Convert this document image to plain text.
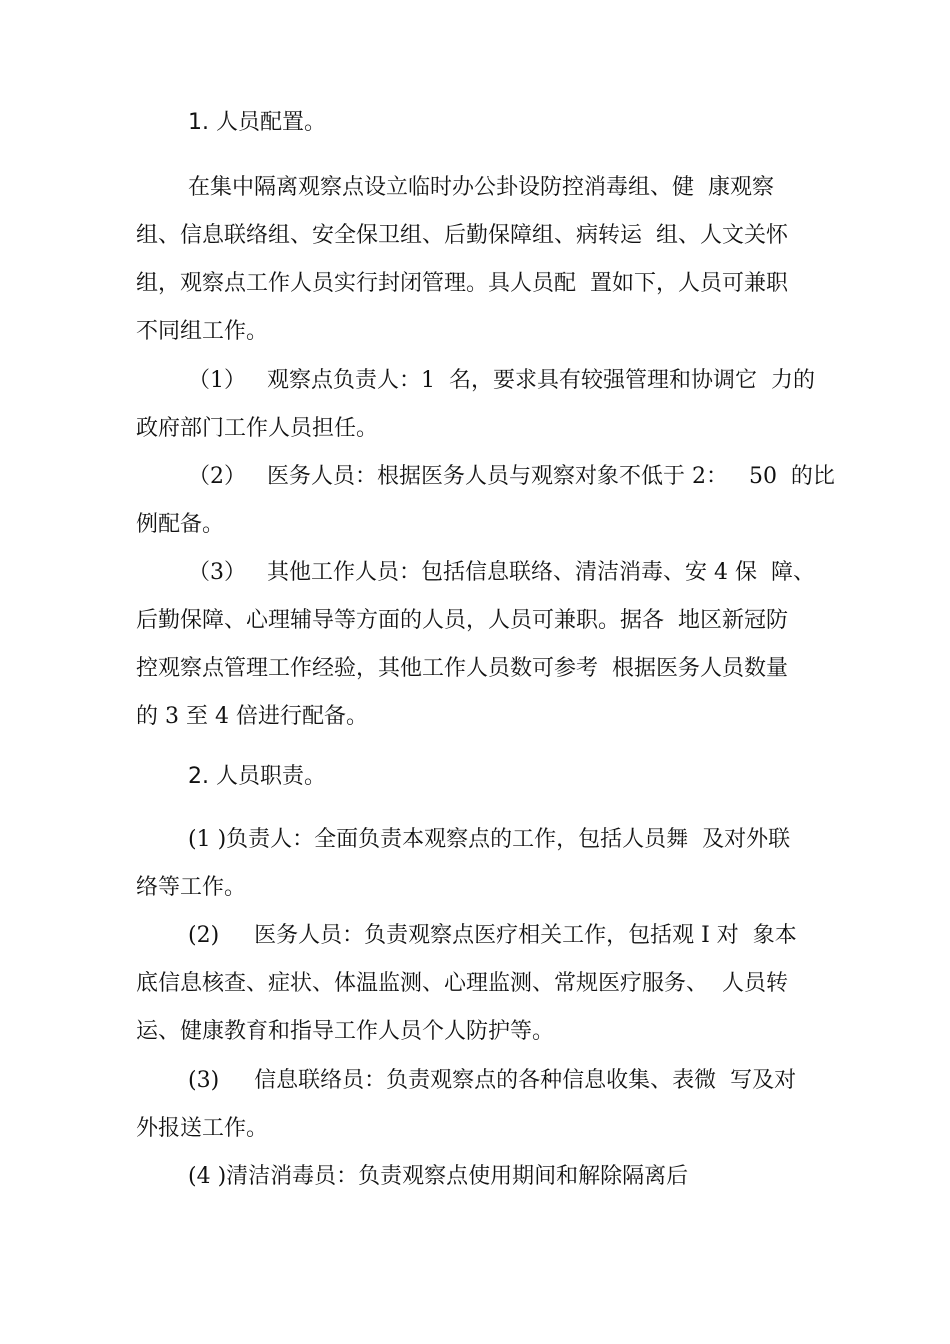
1. 人员配置。
在集中隔离观察点设立临时办公卦设防控消毒组、健  康观察
组、信息联络组、安全保卫组、后勤保障组、病转运  组、人文关怀
组，观察点工作人员实行封闭管理。具人员配  置如下，人员可兼职
不同组工作。
（1）   观察点负责人：1  名，要求具有较强管理和协调它  力的
政府部门工作人员担任。
（2）   医务人员：根据医务人员与观察对象不低于 2：   50  的比
例配备。
（3）   其他工作人员：包括信息联络、清洁消毒、安 4 保  障、
后勤保障、心理辅导等方面的人员，人员可兼职。据各  地区新冠防
控观察点管理工作经验，其他工作人员数可参考  根据医务人员数量
的 3 至 4 倍进行配备。
2. 人员职责。
(1 )负责人：全面负责本观察点的工作，包括人员舞  及对外联
络等工作。
(2)     医务人员：负责观察点医疗相关工作，包括观 I 对  象本
底信息核查、症状、体温监测、心理监测、常规医疗服务、  人员转
运、健康教育和指导工作人员个人防护等。
(3)     信息联络员：负责观察点的各种信息收集、表微  写及对
外报送工作。
(4 )清洁消毒员：负责观察点使用期间和解除隔离后
